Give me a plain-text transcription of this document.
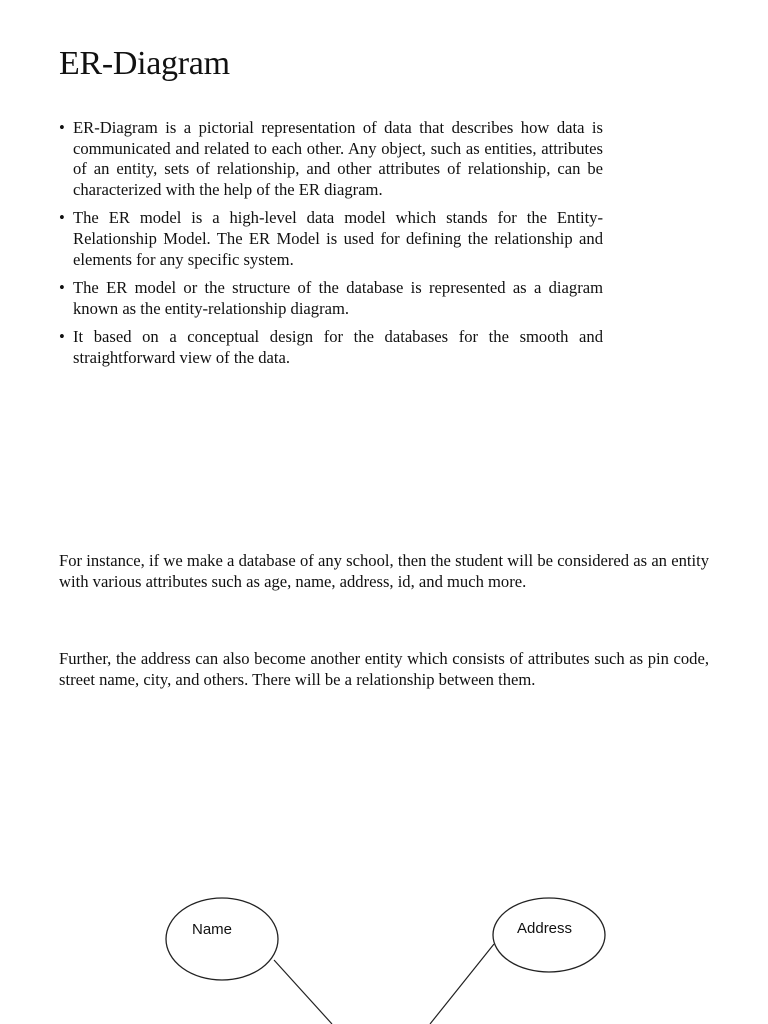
ER-Diagram
• ER-Diagram is a pictorial representation of data that describes how data is communicated and related to each other. Any object, such as entities, attributes of an entity, sets of relationship, and other attributes of relationship, can be characterized with the help of the ER diagram.
• The ER model is a high-level data model which stands for the Entity-Relationship Model. The ER Model is used for defining the relationship and elements for any specific system.
• The ER model or the structure of the database is represented as a diagram known as the entity-relationship diagram.
• It based on a conceptual design for the databases for the smooth and straightforward view of the data.

For instance, if we make a database of any school, then the student will be considered as an entity with various attributes such as age, name, address, id, and much more.

Further, the address can also become another entity which consists of attributes such as pin code, street name, city, and others. There will be a relationship between them.

Name	Address
